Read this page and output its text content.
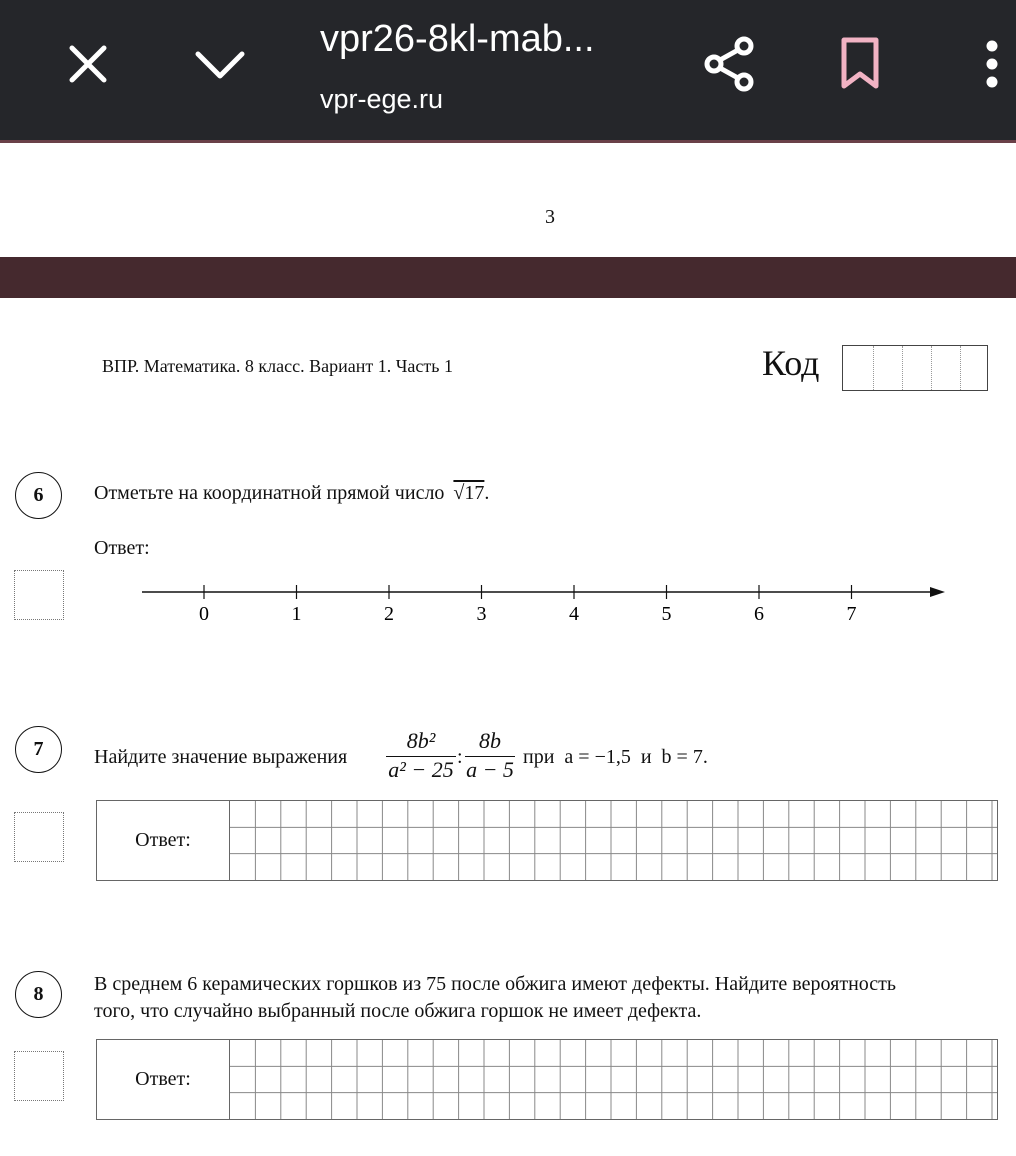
vpr26-8kl-mab...
vpr-ege.ru
3
ВПР. Математика. 8 класс. Вариант 1. Часть 1	Код
6	Отметьте на координатной прямой число √17.
Ответ:
0	1	2	3	4	5	6	7
7	Найдите значение выражения $\frac{\text{8b²}}{\text{a² − 25}}$ : $\frac{8b}{a - 5}$ при  a = −1,5  и  b = 7.
Ответ:
8	В среднем 6 керамических горшков из 75 после обжига имеют дефекты. Найдите вероятность
того, что случайно выбранный после обжига горшок не имеет дефекта.
Ответ:
